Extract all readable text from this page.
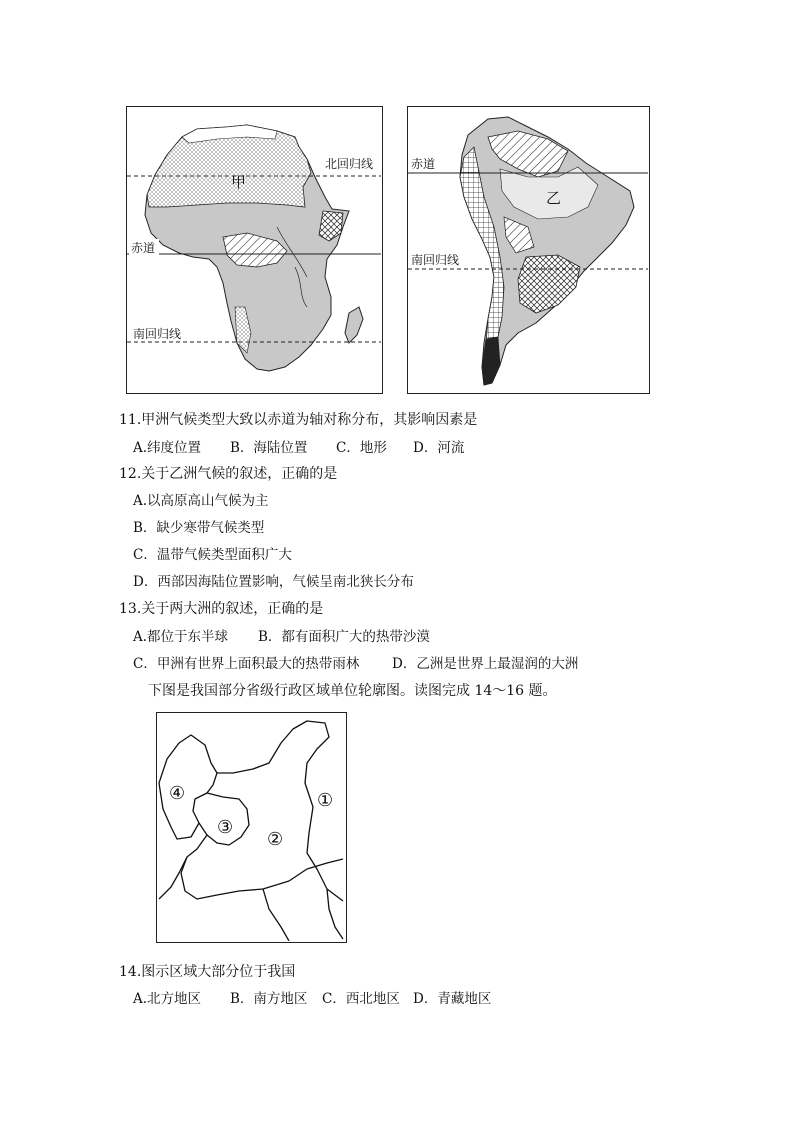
甲
北回归线
赤道
南回归线
赤道
南回归线
乙
11.甲洲气候类型大致以赤道为轴对称分布，其影响因素是
A.纬度位置 B．海陆位置 C．地形 D．河流
12.关于乙洲气候的叙述，正确的是
A.以高原高山气候为主
B．缺少寒带气候类型
C．温带气候类型面积广大
D．西部因海陆位置影响，气候呈南北狭长分布
13.关于两大洲的叙述，正确的是
A.都位于东半球 B．都有面积广大的热带沙漠
C．甲洲有世界上面积最大的热带雨林 D．乙洲是世界上最湿润的大洲
下图是我国部分省级行政区域单位轮廓图。读图完成 14～16 题。
①
②
③
④
14.图示区域大部分位于我国
A.北方地区 B．南方地区 C．西北地区 D．青藏地区
